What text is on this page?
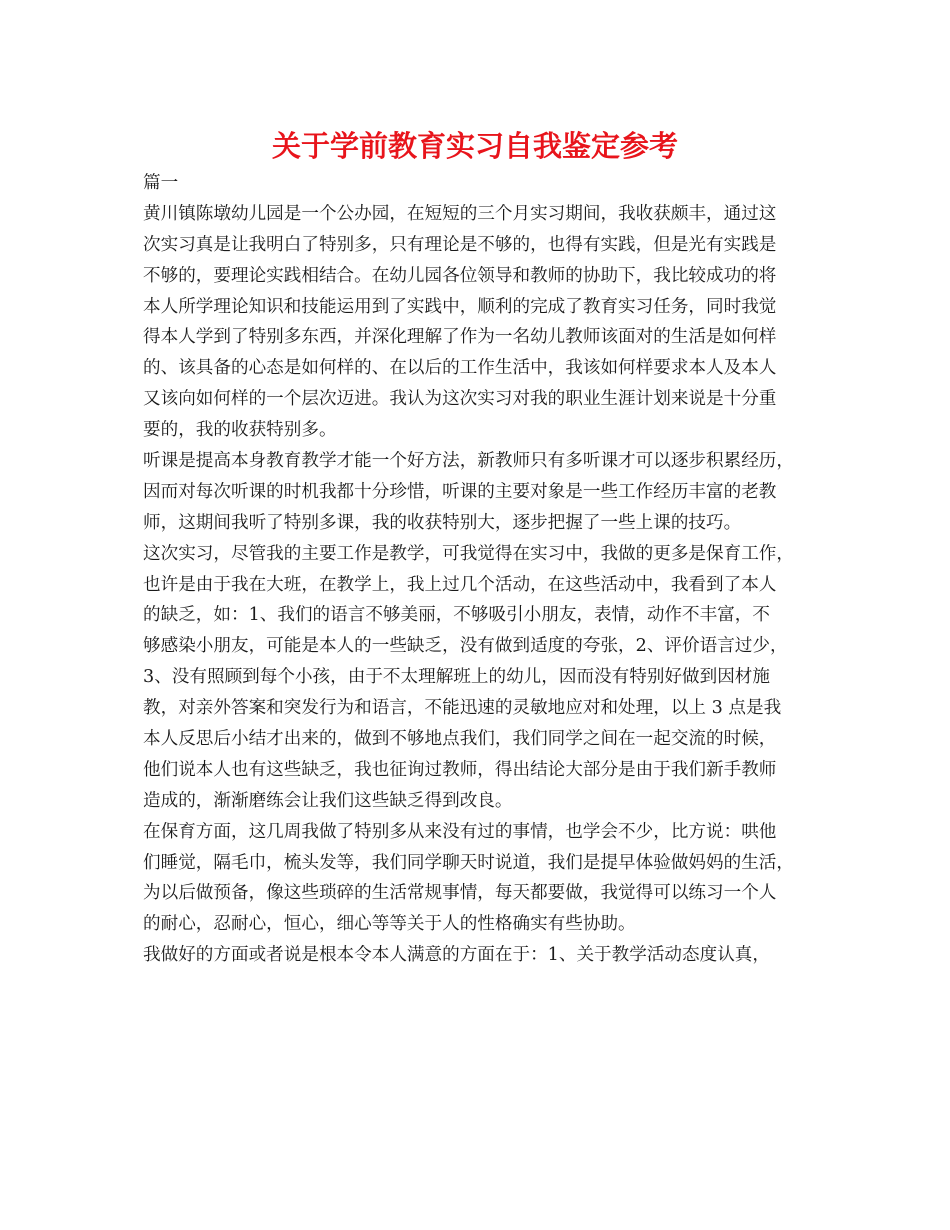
关于学前教育实习自我鉴定参考
篇一
黄川镇陈墩幼儿园是一个公办园，在短短的三个月实习期间，我收获颇丰，通过这
次实习真是让我明白了特别多，只有理论是不够的，也得有实践，但是光有实践是
不够的，要理论实践相结合。在幼儿园各位领导和教师的协助下，我比较成功的将
本人所学理论知识和技能运用到了实践中，顺利的完成了教育实习任务，同时我觉
得本人学到了特别多东西，并深化理解了作为一名幼儿教师该面对的生活是如何样
的、该具备的心态是如何样的、在以后的工作生活中，我该如何样要求本人及本人
又该向如何样的一个层次迈进。我认为这次实习对我的职业生涯计划来说是十分重
要的，我的收获特别多。
听课是提高本身教育教学才能一个好方法，新教师只有多听课才可以逐步积累经历，
因而对每次听课的时机我都十分珍惜，听课的主要对象是一些工作经历丰富的老教
师，这期间我听了特别多课，我的收获特别大，逐步把握了一些上课的技巧。
这次实习，尽管我的主要工作是教学，可我觉得在实习中，我做的更多是保育工作，
也许是由于我在大班，在教学上，我上过几个活动，在这些活动中，我看到了本人
的缺乏，如：1、我们的语言不够美丽，不够吸引小朋友，表情，动作不丰富，不
够感染小朋友，可能是本人的一些缺乏，没有做到适度的夸张，2、评价语言过少，
3、没有照顾到每个小孩，由于不太理解班上的幼儿，因而没有特别好做到因材施
教，对亲外答案和突发行为和语言，不能迅速的灵敏地应对和处理，以上 3 点是我
本人反思后小结才出来的，做到不够地点我们，我们同学之间在一起交流的时候，
他们说本人也有这些缺乏，我也征询过教师，得出结论大部分是由于我们新手教师
造成的，渐渐磨练会让我们这些缺乏得到改良。
在保育方面，这几周我做了特别多从来没有过的事情，也学会不少，比方说：哄他
们睡觉，隔毛巾，梳头发等，我们同学聊天时说道，我们是提早体验做妈妈的生活，
为以后做预备，像这些琐碎的生活常规事情，每天都要做，我觉得可以练习一个人
的耐心，忍耐心，恒心，细心等等关于人的性格确实有些协助。
我做好的方面或者说是根本令本人满意的方面在于：1、关于教学活动态度认真，
